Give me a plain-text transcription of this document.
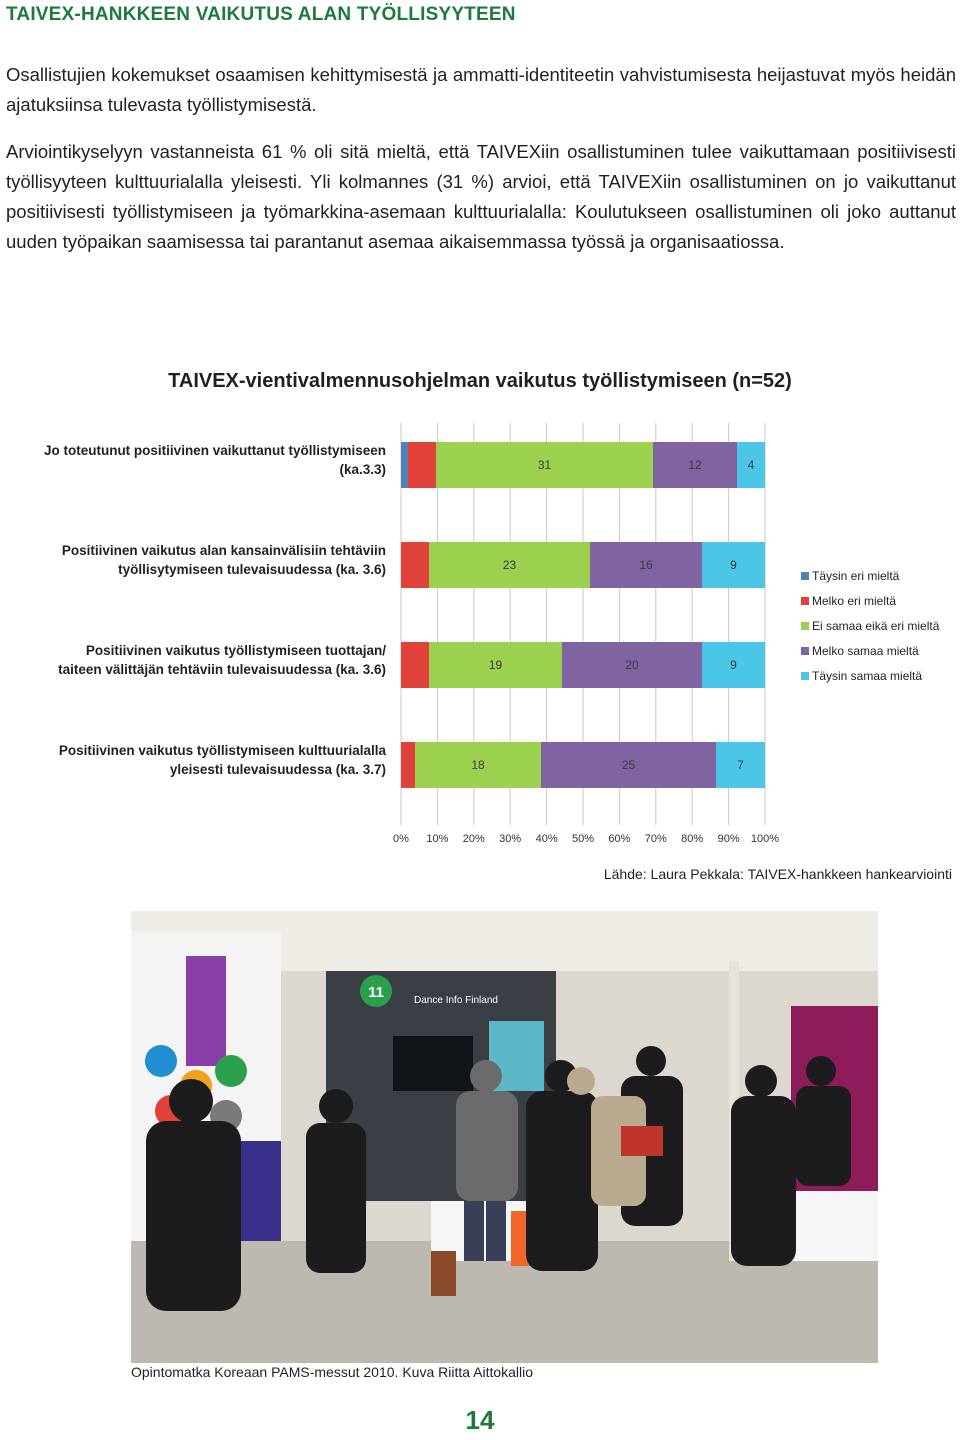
TAIVEX-HANKKEEN VAIKUTUS ALAN TYÖLLISYYTEEN
Osallistujien kokemukset osaamisen kehittymisestä ja ammatti-identiteetin vahvistumisesta heijastuvat myös heidän ajatuksiinsa tulevasta työllistymisestä.
Arviointikyselyyn vastanneista 61 % oli sitä mieltä, että TAIVEXiin osallistuminen tulee vaikuttamaan positiivisesti työllisyyteen kulttuurialalla yleisesti. Yli kolmannes (31 %) arvioi, että TAIVEXiin osallistuminen on jo vaikuttanut positiivisesti työllistymiseen ja työmarkkina-asemaan kulttuurialalla: Koulutukseen osallistuminen oli joko auttanut uuden työpaikan saamisessa tai parantanut asemaa aikaisemmassa työssä ja organisaatiossa.
TAIVEX-vientivalmennusohjelman vaikutus työllistymiseen (n=52)
0% 10% 20% 30% 40% 50% 60% 70% 80% 90% 100%
31	12	4
Jo toteutunut positiivinen vaikuttanut työllistymiseen
(ka.3.3)
23	16	9
Positiivinen vaikutus alan kansainvälisiin tehtäviin
työllisytymiseen tulevaisuudessa (ka. 3.6)
19	20	9
Positiivinen vaikutus työllistymiseen tuottajan/
taiteen välittäjän tehtäviin tulevaisuudessa (ka. 3.6)
18	25	7
Positiivinen vaikutus työllistymiseen kulttuurialalla
yleisesti tulevaisuudessa (ka. 3.7)
Täysin eri mieltä
Melko eri mieltä
Ei samaa eikä eri mieltä
Melko samaa mieltä
Täysin samaa mieltä
Lähde: Laura Pekkala: TAIVEX-hankkeen hankearviointi
11	Dance Info Finland
Opintomatka Koreaan PAMS-messut 2010. Kuva Riitta Aittokallio
14
